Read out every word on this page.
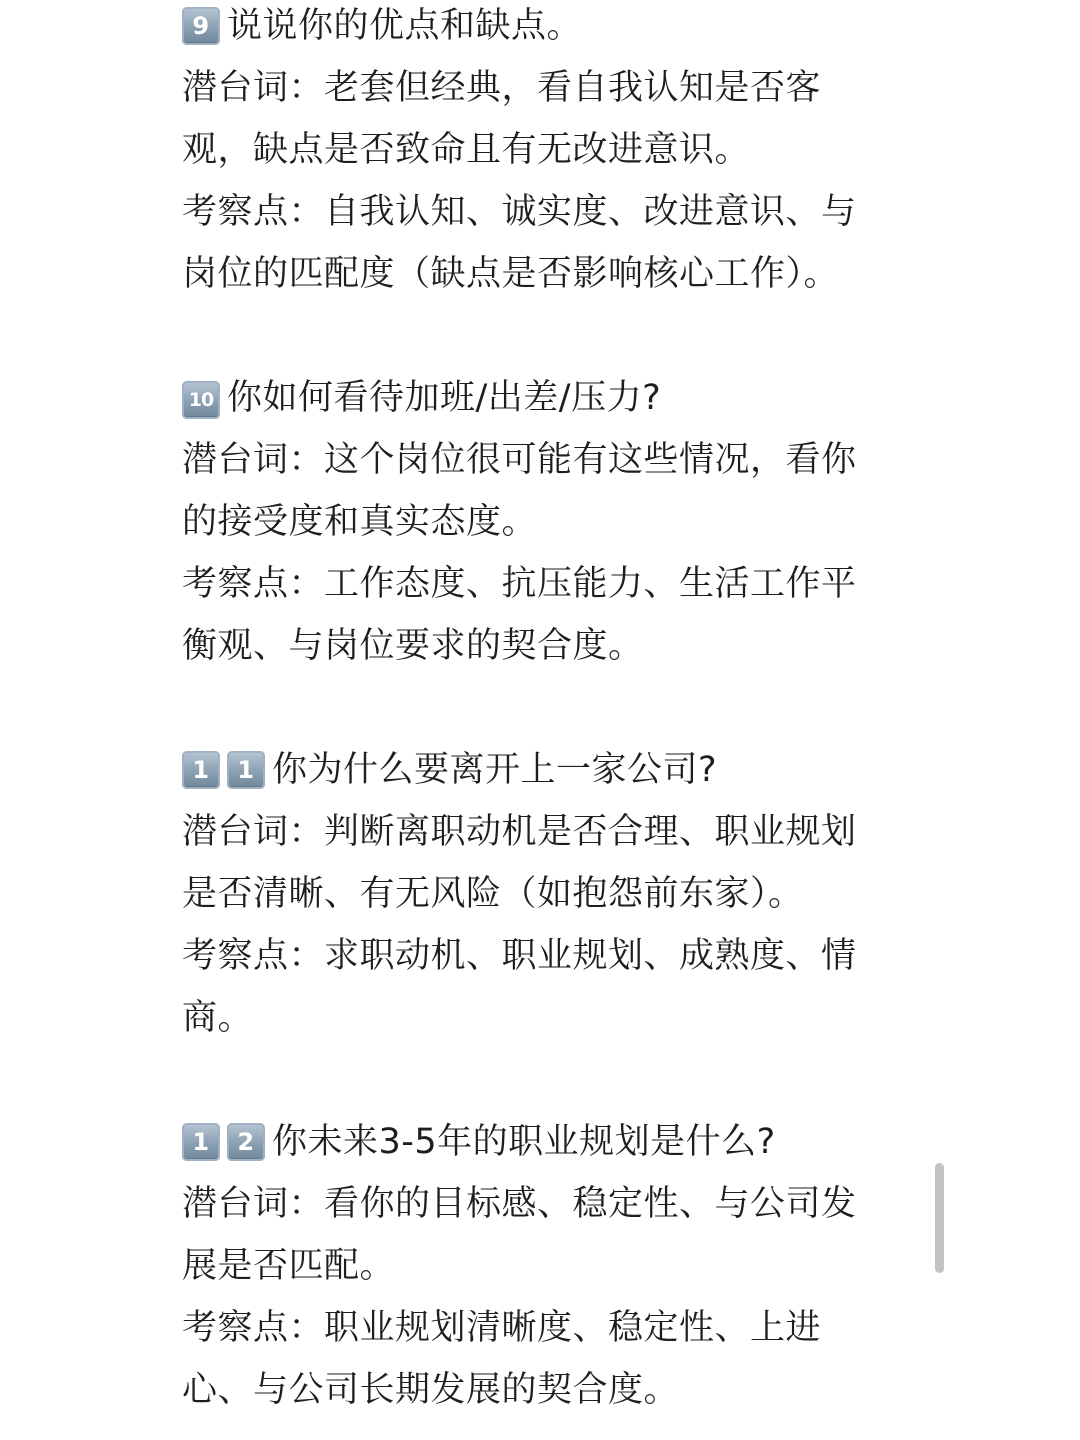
9 说说你的优点和缺点。
潜台词：老套但经典，看自我认知是否客
观，缺点是否致命且有无改进意识。
考察点：自我认知、诚实度、改进意识、与
岗位的匹配度（缺点是否影响核心工作）。
10 你如何看待加班/出差/压力?
潜台词：这个岗位很可能有这些情况，看你
的接受度和真实态度。
考察点：工作态度、抗压能力、生活工作平
衡观、与岗位要求的契合度。
1 1 你为什么要离开上一家公司?
潜台词：判断离职动机是否合理、职业规划
是否清晰、有无风险（如抱怨前东家）。
考察点：求职动机、职业规划、成熟度、情
商。
1 2 你未来3-5年的职业规划是什么?
潜台词：看你的目标感、稳定性、与公司发
展是否匹配。
考察点：职业规划清晰度、稳定性、上进
心、与公司长期发展的契合度。
